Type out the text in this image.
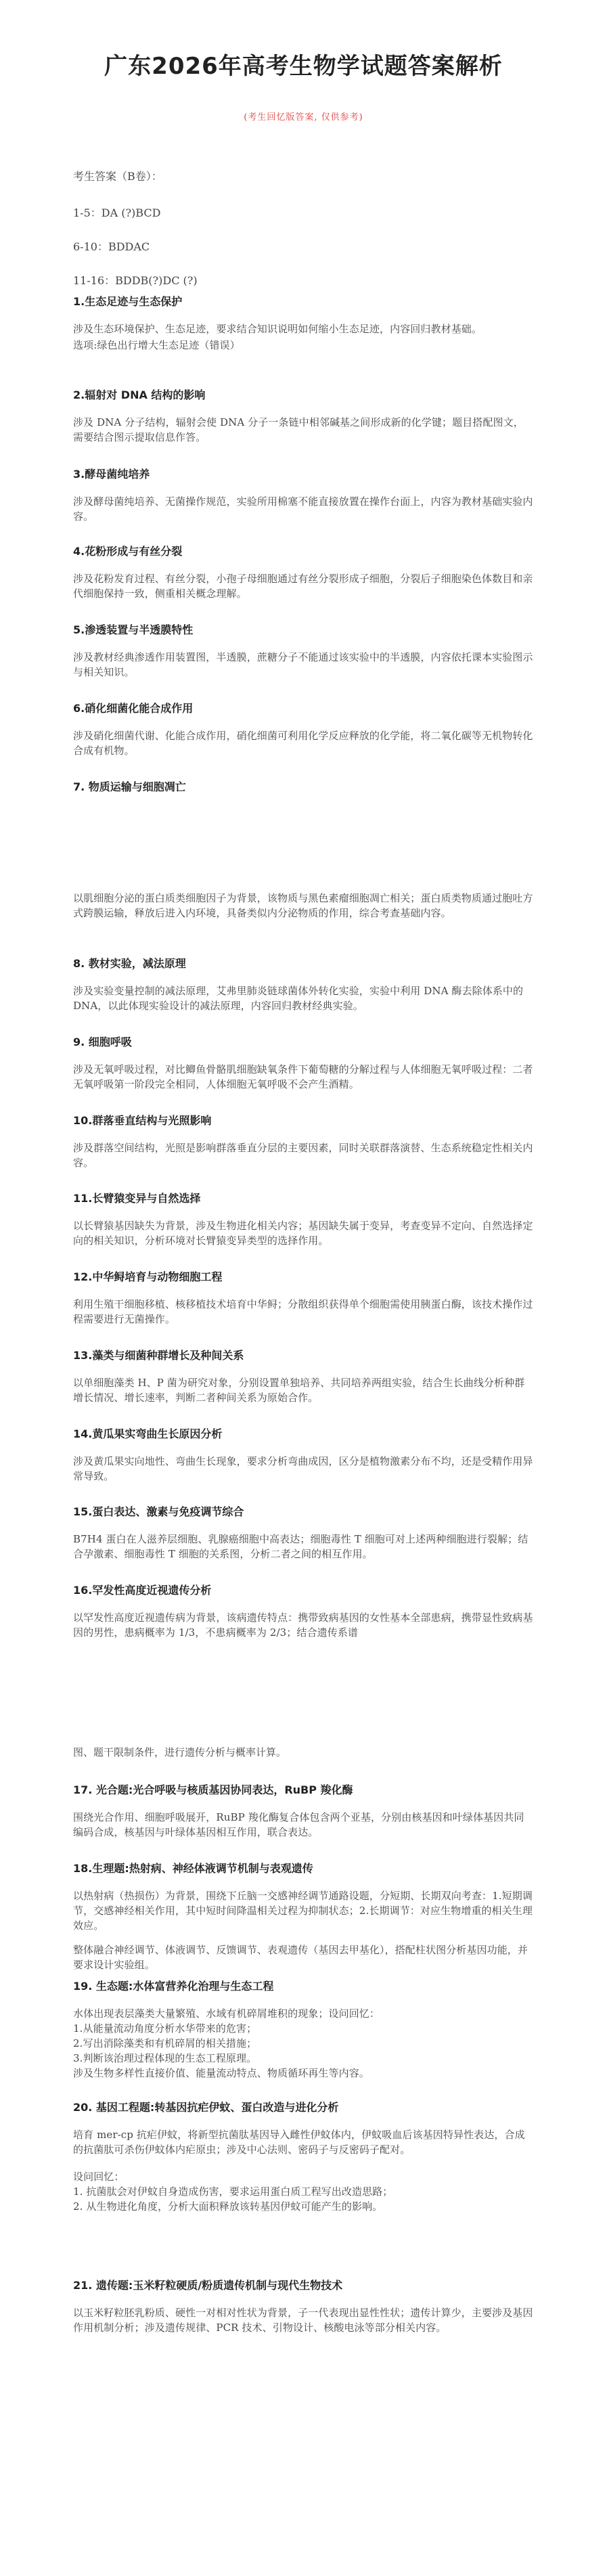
广东2026年高考生物学试题答案解析
(考生回忆版答案, 仅供参考)
考生答案（B卷）：
1-5：DA (?)BCD
6-10：BDDAC
11-16：BDDB(?)DC (?)
1.生态足迹与生态保护

涉及生态环境保护、生态足迹，要求结合知识说明如何缩小生态足迹，内容回归教材基础。

选项:绿色出行增大生态足迹（错误）

2.辐射对 DNA 结构的影响

涉及 DNA 分子结构，辐射会使 DNA 分子一条链中相邻碱基之间形成新的化学键；题目搭配图文，需要结合图示提取信息作答。

3.酵母菌纯培养

涉及酵母菌纯培养、无菌操作规范，实验所用棉塞不能直接放置在操作台面上，内容为教材基础实验内容。

4.花粉形成与有丝分裂

涉及花粉发育过程、有丝分裂，小孢子母细胞通过有丝分裂形成子细胞，分裂后子细胞染色体数目和亲代细胞保持一致，侧重相关概念理解。

5.渗透装置与半透膜特性

涉及教材经典渗透作用装置图，半透膜，蔗糖分子不能通过该实验中的半透膜，内容依托课本实验图示与相关知识。

6.硝化细菌化能合成作用

涉及硝化细菌代谢、化能合成作用，硝化细菌可利用化学反应释放的化学能，将二氧化碳等无机物转化合成有机物。

7. 物质运输与细胞凋亡

以肌细胞分泌的蛋白质类细胞因子为背景，该物质与黑色素瘤细胞凋亡相关；蛋白质类物质通过胞吐方式跨膜运输，释放后进入内环境，具备类似内分泌物质的作用，综合考查基础内容。

8. 教材实验，减法原理

涉及实验变量控制的减法原理，艾弗里肺炎链球菌体外转化实验，实验中利用 DNA 酶去除体系中的 DNA，以此体现实验设计的减法原理，内容回归教材经典实验。

9. 细胞呼吸

涉及无氧呼吸过程，对比鲫鱼骨骼肌细胞缺氧条件下葡萄糖的分解过程与人体细胞无氧呼吸过程：二者无氧呼吸第一阶段完全相同，人体细胞无氧呼吸不会产生酒精。

10.群落垂直结构与光照影响

涉及群落空间结构，光照是影响群落垂直分层的主要因素，同时关联群落演替、生态系统稳定性相关内容。

11.长臂猿变异与自然选择

以长臂猿基因缺失为背景，涉及生物进化相关内容；基因缺失属于变异，考查变异不定向、自然选择定向的相关知识，分析环境对长臂猿变异类型的选择作用。

12.中华鲟培育与动物细胞工程

利用生殖干细胞移植、核移植技术培育中华鲟；分散组织获得单个细胞需使用胰蛋白酶，该技术操作过程需要进行无菌操作。

13.藻类与细菌种群增长及种间关系

以单细胞藻类 H、P 菌为研究对象，分别设置单独培养、共同培养两组实验，结合生长曲线分析种群增长情况、增长速率，判断二者种间关系为原始合作。

14.黄瓜果实弯曲生长原因分析

涉及黄瓜果实向地性、弯曲生长现象，要求分析弯曲成因，区分是植物激素分布不均，还是受精作用异常导致。

15.蛋白表达、激素与免疫调节综合

B7H4 蛋白在人滋养层细胞、乳腺癌细胞中高表达；细胞毒性 T 细胞可对上述两种细胞进行裂解；结合孕激素、细胞毒性 T 细胞的关系图，分析二者之间的相互作用。

16.罕发性高度近视遗传分析

以罕发性高度近视遗传病为背景，该病遗传特点：携带致病基因的女性基本全部患病，携带显性致病基因的男性，患病概率为 1/3，不患病概率为 2/3；结合遗传系谱

图、题干限制条件，进行遗传分析与概率计算。
17. 光合题:光合呼吸与核质基因协同表达，RuBP 羧化酶

围绕光合作用、细胞呼吸展开，RuBP 羧化酶复合体包含两个亚基，分别由核基因和叶绿体基因共同编码合成，核基因与叶绿体基因相互作用，联合表达。

18.生理题:热射病、神经体液调节机制与表观遗传

以热射病（热损伤）为背景，围绕下丘脑一交感神经调节通路设题，分短期、长期双向考查：1.短期调节，交感神经相关作用，其中短时间降温相关过程为抑制状态；2.长期调节：对应生物增重的相关生理效应。

整体融合神经调节、体液调节、反馈调节、表观遗传（基因去甲基化），搭配柱状图分析基因功能，并要求设计实验组。

19. 生态题:水体富营养化治理与生态工程

水体出现表层藻类大量繁殖、水域有机碎屑堆积的现象；设问回忆：
1.从能量流动角度分析水华带来的危害；
2.写出消除藻类和有机碎屑的相关措施；
3.判断该治理过程体现的生态工程原理。
涉及生物多样性直接价值、能量流动特点、物质循环再生等内容。

20. 基因工程题:转基因抗疟伊蚊、蛋白改造与进化分析

培育 mer-cp 抗疟伊蚊，将新型抗菌肽基因导入雌性伊蚊体内，伊蚊吸血后该基因特异性表达，合成的抗菌肽可杀伤伊蚊体内疟原虫；涉及中心法则、密码子与反密码子配对。

设问回忆：
1. 抗菌肽会对伊蚊自身造成伤害，要求运用蛋白质工程写出改造思路；
2. 从生物进化角度，分析大面积释放该转基因伊蚊可能产生的影响。

21. 遗传题:玉米籽粒硬质/粉质遗传机制与现代生物技术

以玉米籽粒胚乳粉质、硬性一对相对性状为背景，子一代表现出显性性状；遗传计算少，主要涉及基因作用机制分析；涉及遗传规律、PCR 技术、引物设计、核酸电泳等部分相关内容。
